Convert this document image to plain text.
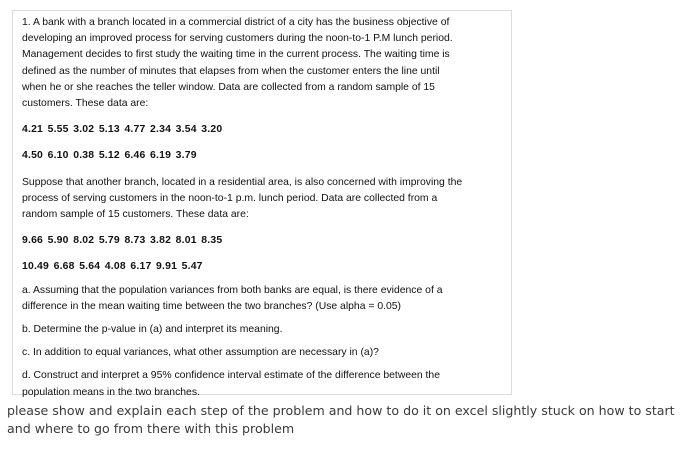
1. A bank with a branch located in a commercial district of a city has the business objective of

developing an improved process for serving customers during the noon-to-1 P.M lunch period.

Management decides to first study the waiting time in the current process. The waiting time is

defined as the number of minutes that elapses from when the customer enters the line until

when he or she reaches the teller window. Data are collected from a random sample of 15

customers. These data are:

4.21 5.55 3.02 5.13 4.77 2.34 3.54 3.20

4.50 6.10 0.38 5.12 6.46 6.19 3.79

Suppose that another branch, located in a residential area, is also concerned with improving the

process of serving customers in the noon-to-1 p.m. lunch period. Data are collected from a

random sample of 15 customers. These data are:

9.66 5.90 8.02 5.79 8.73 3.82 8.01 8.35

10.49 6.68 5.64 4.08 6.17 9.91 5.47

a. Assuming that the population variances from both banks are equal, is there evidence of a

difference in the mean waiting time between the two branches? (Use alpha = 0.05)

b. Determine the p-value in (a) and interpret its meaning.

c. In addition to equal variances, what other assumption are necessary in (a)?

d. Construct and interpret a 95% confidence interval estimate of the difference between the

population means in the two branches.

please show and explain each step of the problem and how to do it on excel slightly stuck on how to start
and where to go from there with this problem
